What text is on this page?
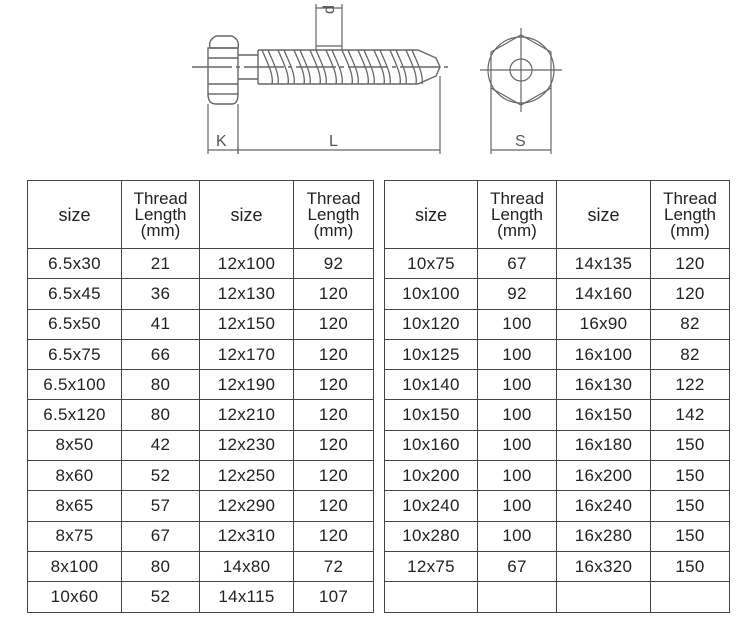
d
K	L	S
size	Thread
Length
(mm)	size	Thread
Length
(mm)
6.5x30	21	12x100	92
6.5x45	36	12x130	120
6.5x50	41	12x150	120
6.5x75	66	12x170	120
6.5x100	80	12x190	120
6.5x120	80	12x210	120
8x50	42	12x230	120
8x60	52	12x250	120
8x65	57	12x290	120
8x75	67	12x310	120
8x100	80	14x80	72
10x60	52	14x115	107
size	Thread
Length
(mm)	size	Thread
Length
(mm)
10x75	67	14x135	120
10x100	92	14x160	120
10x120	100	16x90	82
10x125	100	16x100	82
10x140	100	16x130	122
10x150	100	16x150	142
10x160	100	16x180	150
10x200	100	16x200	150
10x240	100	16x240	150
10x280	100	16x280	150
12x75	67	16x320	150
